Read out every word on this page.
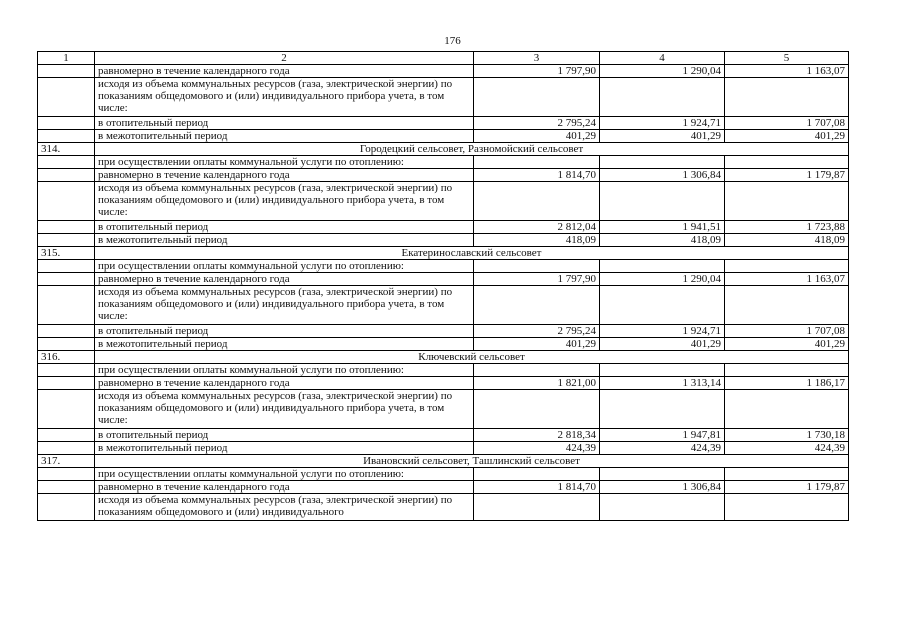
176
1	2	3	4	5
	равномерно в течение календарного года	1 797,90	1 290,04	1 163,07
	исходя из объема коммунальных ресурсов (газа, электрической энергии) по показаниям общедомового и (или) индивидуального прибора учета, в том числе:			
	в отопительный период	2 795,24	1 924,71	1 707,08
	в межотопительный период	401,29	401,29	401,29
314.	Городецкий сельсовет, Разномойский сельсовет			
	при осуществлении оплаты коммунальной услуги по отоплению:			
	равномерно в течение календарного года	1 814,70	1 306,84	1 179,87
	исходя из объема коммунальных ресурсов (газа, электрической энергии) по показаниям общедомового и (или) индивидуального прибора учета, в том числе:			
	в отопительный период	2 812,04	1 941,51	1 723,88
	в межотопительный период	418,09	418,09	418,09
315.	Екатеринославский сельсовет			
	при осуществлении оплаты коммунальной услуги по отоплению:			
	равномерно в течение календарного года	1 797,90	1 290,04	1 163,07
	исходя из объема коммунальных ресурсов (газа, электрической энергии) по показаниям общедомового и (или) индивидуального прибора учета, в том числе:			
	в отопительный период	2 795,24	1 924,71	1 707,08
	в межотопительный период	401,29	401,29	401,29
316.	Ключевский сельсовет			
	при осуществлении оплаты коммунальной услуги по отоплению:			
	равномерно в течение календарного года	1 821,00	1 313,14	1 186,17
	исходя из объема коммунальных ресурсов (газа, электрической энергии) по показаниям общедомового и (или) индивидуального прибора учета, в том числе:			
	в отопительный период	2 818,34	1 947,81	1 730,18
	в межотопительный период	424,39	424,39	424,39
317.	Ивановский сельсовет, Ташлинский сельсовет			
	при осуществлении оплаты коммунальной услуги по отоплению:			
	равномерно в течение календарного года	1 814,70	1 306,84	1 179,87
	исходя из объема коммунальных ресурсов (газа, электрической энергии) по показаниям общедомового и (или) индивидуального			
